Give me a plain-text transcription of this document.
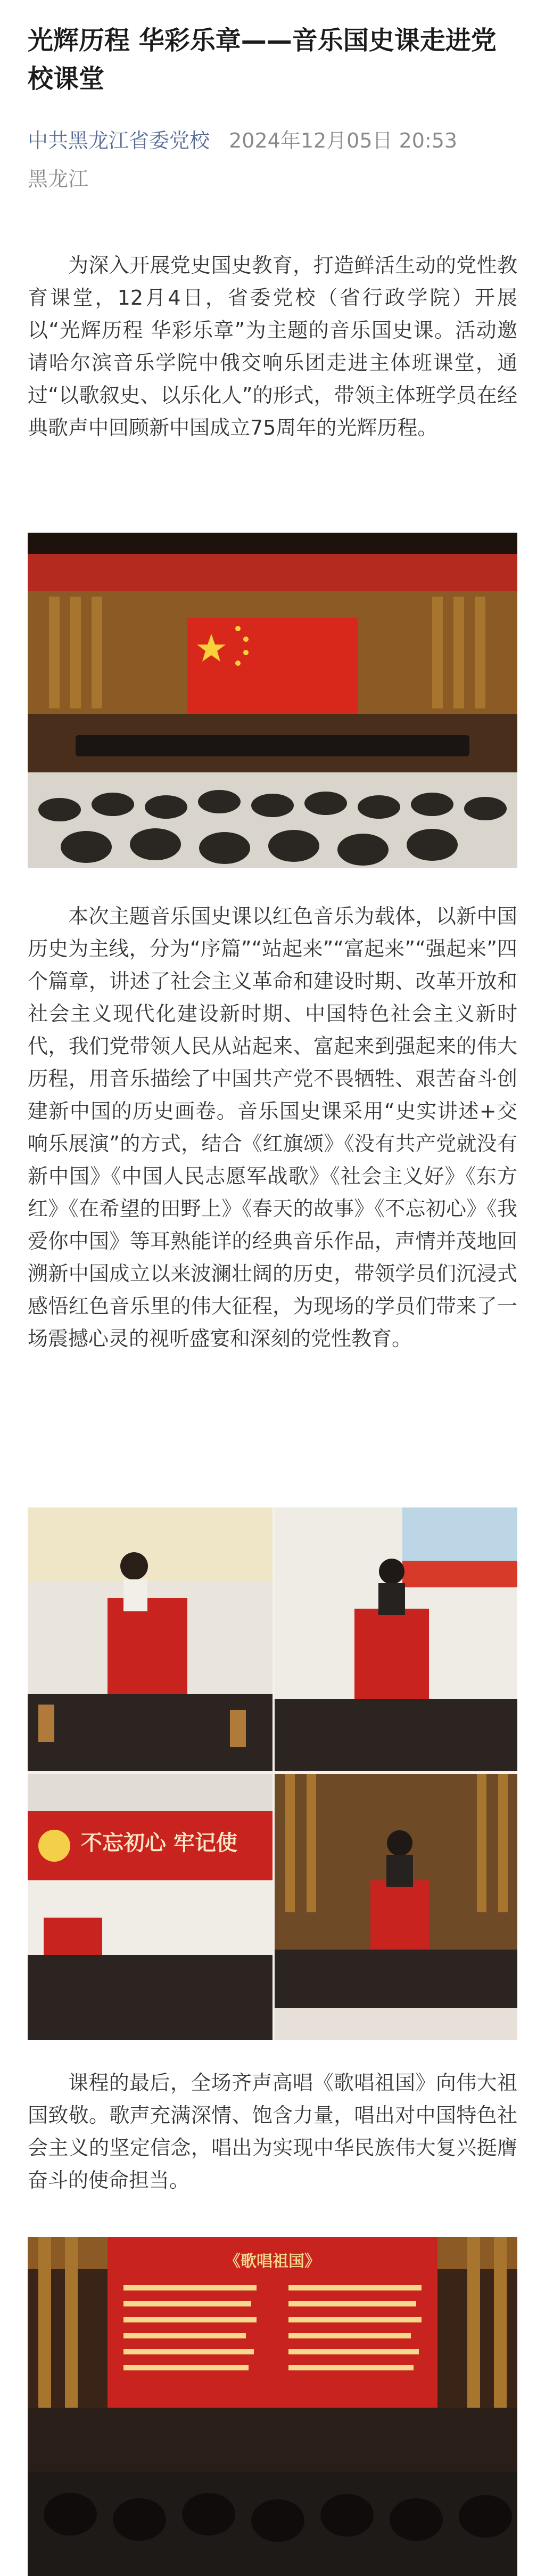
光辉历程 华彩乐章——音乐国史课走进党校课堂
中共黑龙江省委党校 2024年12月05日 20:53
黑龙江

为深入开展党史国史教育，打造鲜活生动的党性教育课堂，12月4日，省委党校（省行政学院）开展以“光辉历程 华彩乐章”为主题的音乐国史课。活动邀请哈尔滨音乐学院中俄交响乐团走进主体班课堂，通过“以歌叙史、以乐化人”的形式，带领主体班学员在经典歌声中回顾新中国成立75周年的光辉历程。

本次主题音乐国史课以红色音乐为载体，以新中国历史为主线，分为“序篇”“站起来”“富起来”“强起来”四个篇章，讲述了社会主义革命和建设时期、改革开放和社会主义现代化建设新时期、中国特色社会主义新时代，我们党带领人民从站起来、富起来到强起来的伟大历程，用音乐描绘了中国共产党不畏牺牲、艰苦奋斗创建新中国的历史画卷。音乐国史课采用“史实讲述+交响乐展演”的方式，结合《红旗颂》《没有共产党就没有新中国》《中国人民志愿军战歌》《社会主义好》《东方红》《在希望的田野上》《春天的故事》《不忘初心》《我爱你中国》等耳熟能详的经典音乐作品，声情并茂地回溯新中国成立以来波澜壮阔的历史，带领学员们沉浸式感悟红色音乐里的伟大征程，为现场的学员们带来了一场震撼心灵的视听盛宴和深刻的党性教育。

不忘初心 牢记使

课程的最后，全场齐声高唱《歌唱祖国》向伟大祖国致敬。歌声充满深情、饱含力量，唱出对中国特色社会主义的坚定信念，唱出为实现中华民族伟大复兴挺膺奋斗的使命担当。

《歌唱祖国》
